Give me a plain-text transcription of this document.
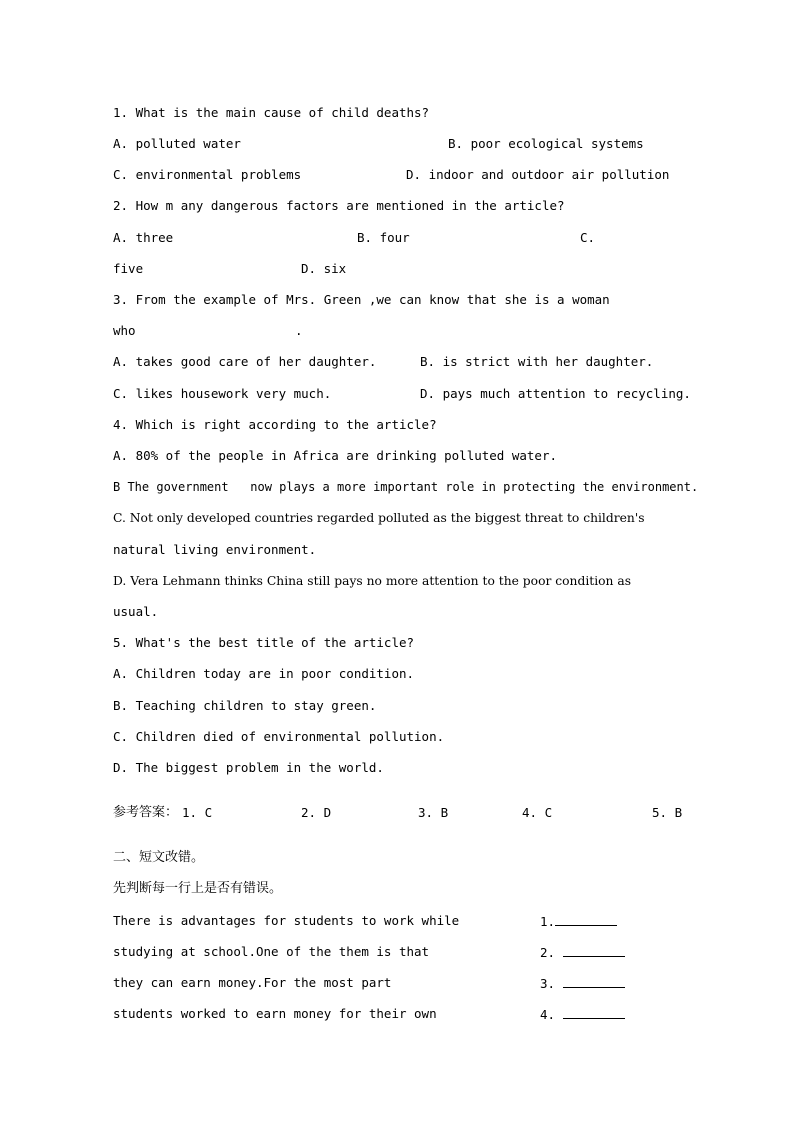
1. What is the main cause of child deaths?
A. polluted water	B. poor ecological systems
C. environmental problems	D. indoor and outdoor air pollution
2. How m any dangerous factors are mentioned in the article?
A. three	B. four	C.
five	D. six
3. From the example of Mrs. Green ,we can know that she is a woman
who	.
A. takes good care of her daughter.	B. is strict with her daughter.
C. likes housework very much.	D. pays much attention to recycling.
4. Which is right according to the article?
A. 80% of the people in Africa are drinking polluted water.
B The government   now plays a more important role in protecting the environment.
C. Not only developed countries regarded polluted as the biggest threat to children's
natural living environment.
D. Vera Lehmann thinks China still pays no more attention to the poor condition as
usual.
5. What's the best title of the article?
A. Children today are in poor condition.
B. Teaching children to stay green.
C. Children died of environmental pollution.
D. The biggest problem in the world.
参考答案： 1. C	2. D	3. B	4. C	5. B
二、短文改错。
先判断每一行上是否有错误。
There is advantages for students to work while	1.
studying at school.One of the them is that	2.
they can earn money.For the most part	3.
students worked to earn money for their own	4.
